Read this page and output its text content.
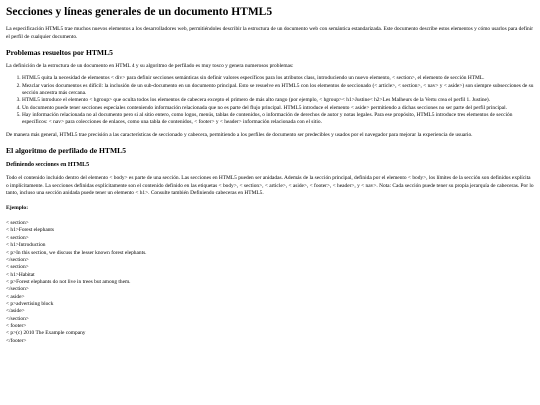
Secciones y líneas generales de un documento HTML5

La especificación HTML5 trae muchos nuevos elementos a los desarrolladores web, permitiéndoles describir la estructura de un documento web con semántica estandarizada. Este documento describe estos elementos y cómo usarlos para definir el perfil de cualquier documento.

Problemas resueltos por HTML5

La definición de la estructura de un documento en HTML 4 y su algoritmo de perfilado es muy tosco y genera numerosos problemas:

1. HTML5 quita la necesidad de elementos < div> para definir secciones semánticas sin definir valores específicos para los atributos class, introduciendo un nuevo elemento, < section>, el elemento de sección HTML.
2. Mezclar varios documentos es difícil: la inclusión de un sub-documento en un documento principal. Esto se resuelve en HTML5 con los elementos de seccionado (< article>, < section>, < nav> y < aside>) son siempre subsecciones de su sección ancestra más cercana.
3. HTML5 introduce el elemento < hgroup> que oculta todos los elementos de cabecera excepto el primero de más alto rango (por ejemplo, < hgroup>< h1>Justine< h2>Les Malheurs de la Vertu crea el perfil 1. Justine).
4. Un documento puede tener secciones especiales conteniendo información relacionada que no es parte del flujo principal. HTML5 introduce el elemento < aside> permitiendo a dichas secciones no ser parte del perfil principal.
5. Hay información relacionada no al documento pero si al sitio entero, como logos, menús, tablas de contenidos, o información de derechos de autor y notas legales. Para ese propósito, HTML5 introduce tres elementos de sección específicos: < nav> para colecciones de enlaces, como una tabla de contenidos, < footer> y < header> información relacionada con el sitio.

De manera más general, HTML5 trae precisión a las características de seccionado y cabecera, permitiendo a los perfiles de documento ser predecibles y usados por el navegador para mejorar la experiencia de usuario.

El algoritmo de perfilado de HTML5
Definiendo secciones en HTML5

Todo el contenido incluido dentro del elemento < body> es parte de una sección. Las secciones en HTML5 pueden ser anidadas. Además de la sección principal, definida por el elemento < body>, los límites de la sección son definidos explícita o implícitamente. La secciones definidas explícitamente son el contenido definido en las etiquetas < body>, < section>, < article>, < aside>, < footer>, < header>, y < nav>. Nota: Cada sección puede tener su propia jerarquía de cabeceras. Por lo tanto, incluso una sección anidada puede tener un elemento < h1>. Consulte también Definiendo cabeceras en HTML5.

Ejemplo:
< section>
< h1>Forest elephants
< section>
< h1>Introduction
< p>In this section, we discuss the lesser known forest elephants.
</section>
< section>
< h1>Habitat
< p>Forest elephants do not live in trees but among them.
</section>
< aside>
< p>advertising block
</aside>
</section>
< footer>
< p>(c) 2010 The Example company
</footer>
